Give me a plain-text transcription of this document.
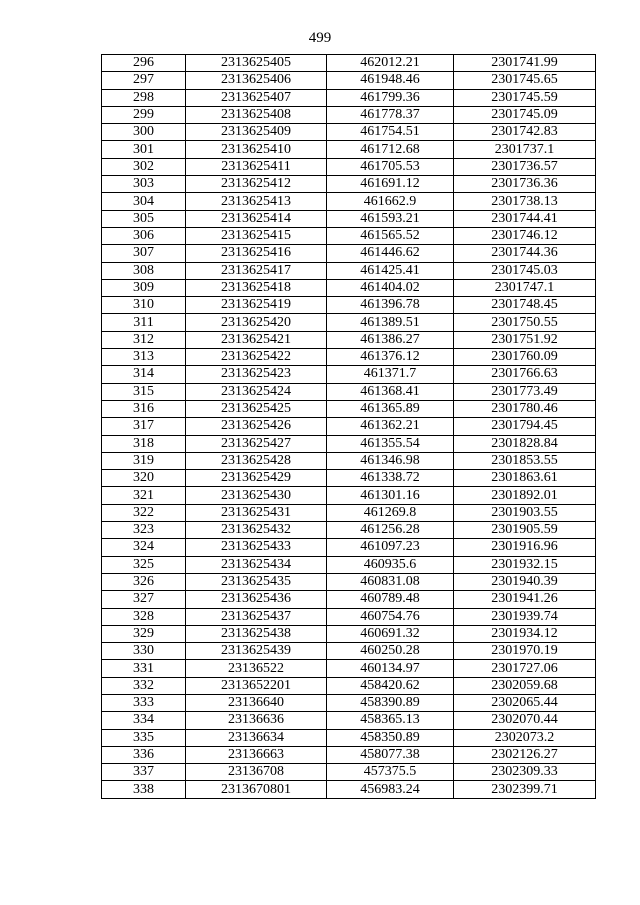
499
296	2313625405	462012.21	2301741.99
297	2313625406	461948.46	2301745.65
298	2313625407	461799.36	2301745.59
299	2313625408	461778.37	2301745.09
300	2313625409	461754.51	2301742.83
301	2313625410	461712.68	2301737.1
302	2313625411	461705.53	2301736.57
303	2313625412	461691.12	2301736.36
304	2313625413	461662.9	2301738.13
305	2313625414	461593.21	2301744.41
306	2313625415	461565.52	2301746.12
307	2313625416	461446.62	2301744.36
308	2313625417	461425.41	2301745.03
309	2313625418	461404.02	2301747.1
310	2313625419	461396.78	2301748.45
311	2313625420	461389.51	2301750.55
312	2313625421	461386.27	2301751.92
313	2313625422	461376.12	2301760.09
314	2313625423	461371.7	2301766.63
315	2313625424	461368.41	2301773.49
316	2313625425	461365.89	2301780.46
317	2313625426	461362.21	2301794.45
318	2313625427	461355.54	2301828.84
319	2313625428	461346.98	2301853.55
320	2313625429	461338.72	2301863.61
321	2313625430	461301.16	2301892.01
322	2313625431	461269.8	2301903.55
323	2313625432	461256.28	2301905.59
324	2313625433	461097.23	2301916.96
325	2313625434	460935.6	2301932.15
326	2313625435	460831.08	2301940.39
327	2313625436	460789.48	2301941.26
328	2313625437	460754.76	2301939.74
329	2313625438	460691.32	2301934.12
330	2313625439	460250.28	2301970.19
331	23136522	460134.97	2301727.06
332	2313652201	458420.62	2302059.68
333	23136640	458390.89	2302065.44
334	23136636	458365.13	2302070.44
335	23136634	458350.89	2302073.2
336	23136663	458077.38	2302126.27
337	23136708	457375.5	2302309.33
338	2313670801	456983.24	2302399.71
